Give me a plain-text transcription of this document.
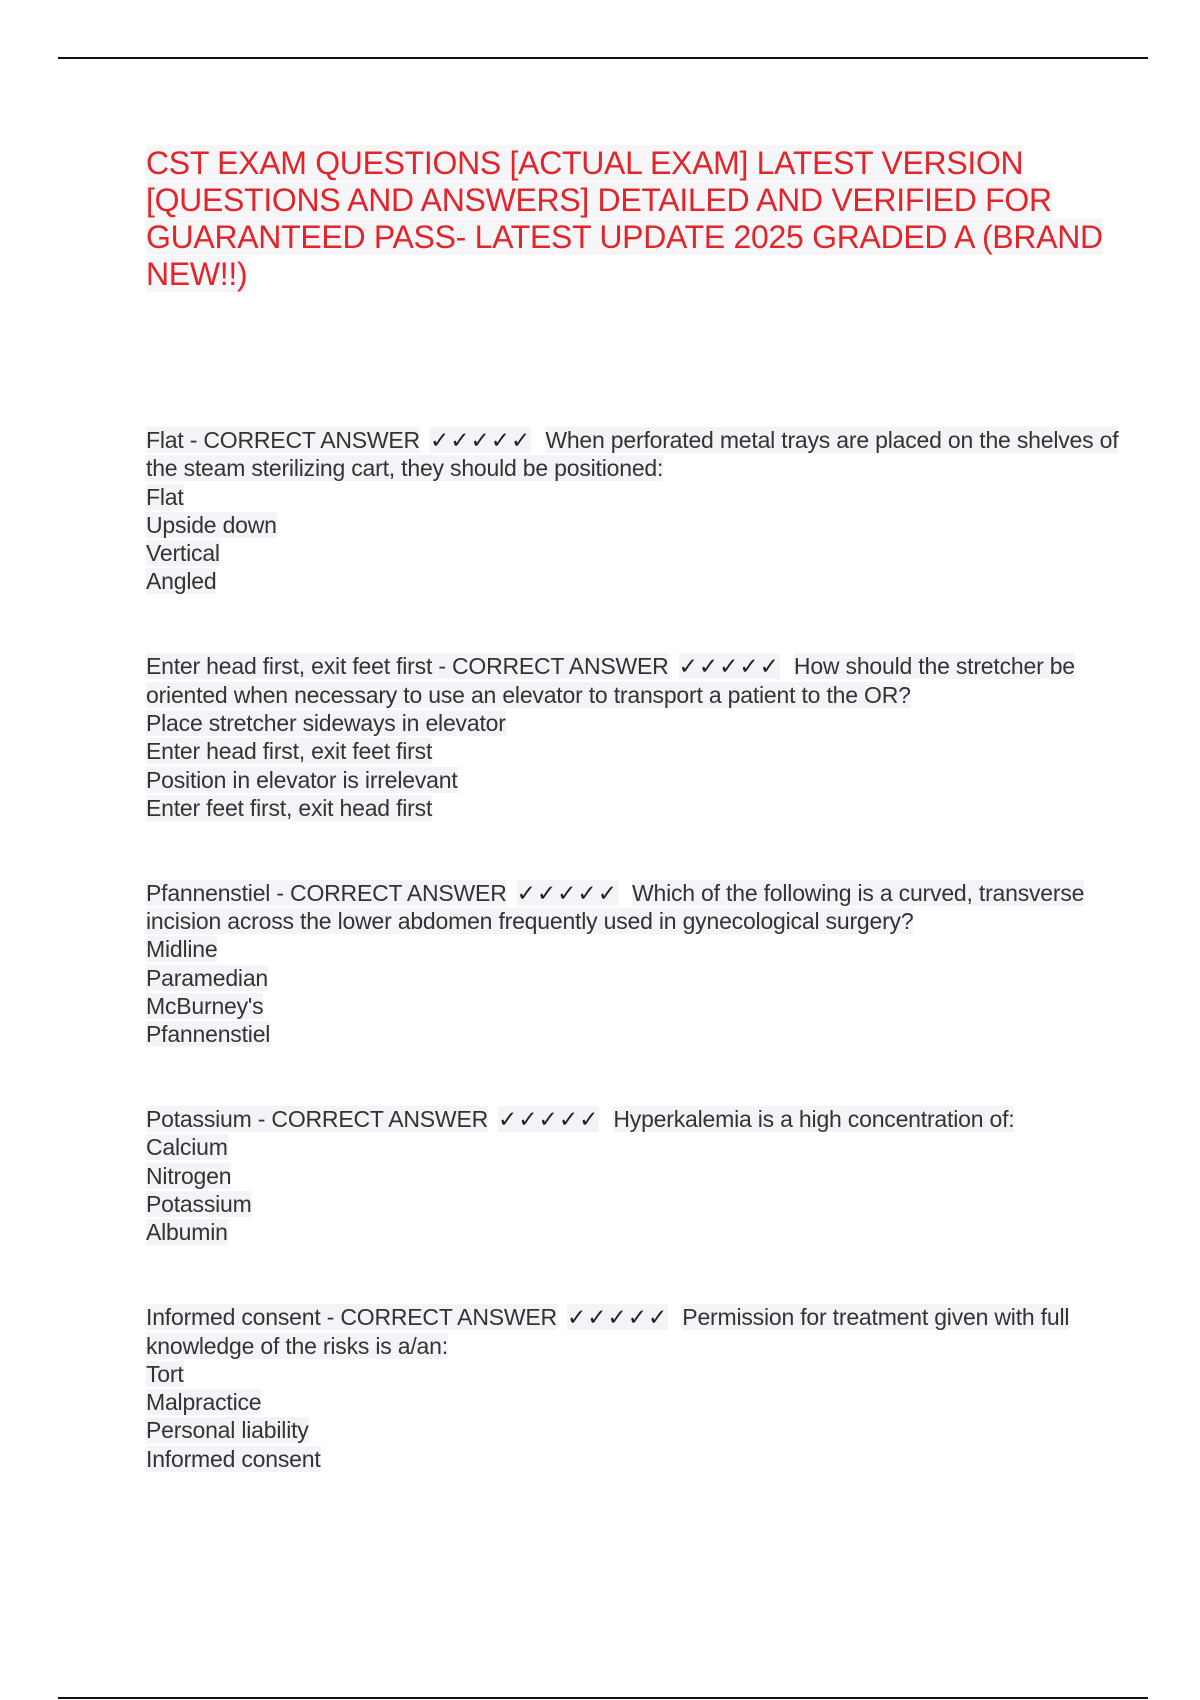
CST EXAM QUESTIONS [ACTUAL EXAM] LATEST VERSION [QUESTIONS AND ANSWERS] DETAILED AND VERIFIED FOR GUARANTEED PASS- LATEST UPDATE 2025 GRADED A (BRAND NEW!!)
Flat - CORRECT ANSWER ✓✓✓✓✓ When perforated metal trays are placed on the shelves of the steam sterilizing cart, they should be positioned:
Flat
Upside down
Vertical
Angled
Enter head first, exit feet first - CORRECT ANSWER ✓✓✓✓✓ How should the stretcher be oriented when necessary to use an elevator to transport a patient to the OR?
Place stretcher sideways in elevator
Enter head first, exit feet first
Position in elevator is irrelevant
Enter feet first, exit head first
Pfannenstiel - CORRECT ANSWER ✓✓✓✓✓ Which of the following is a curved, transverse incision across the lower abdomen frequently used in gynecological surgery?
Midline
Paramedian
McBurney's
Pfannenstiel
Potassium - CORRECT ANSWER ✓✓✓✓✓ Hyperkalemia is a high concentration of:
Calcium
Nitrogen
Potassium
Albumin
Informed consent - CORRECT ANSWER ✓✓✓✓✓ Permission for treatment given with full knowledge of the risks is a/an:
Tort
Malpractice
Personal liability
Informed consent
